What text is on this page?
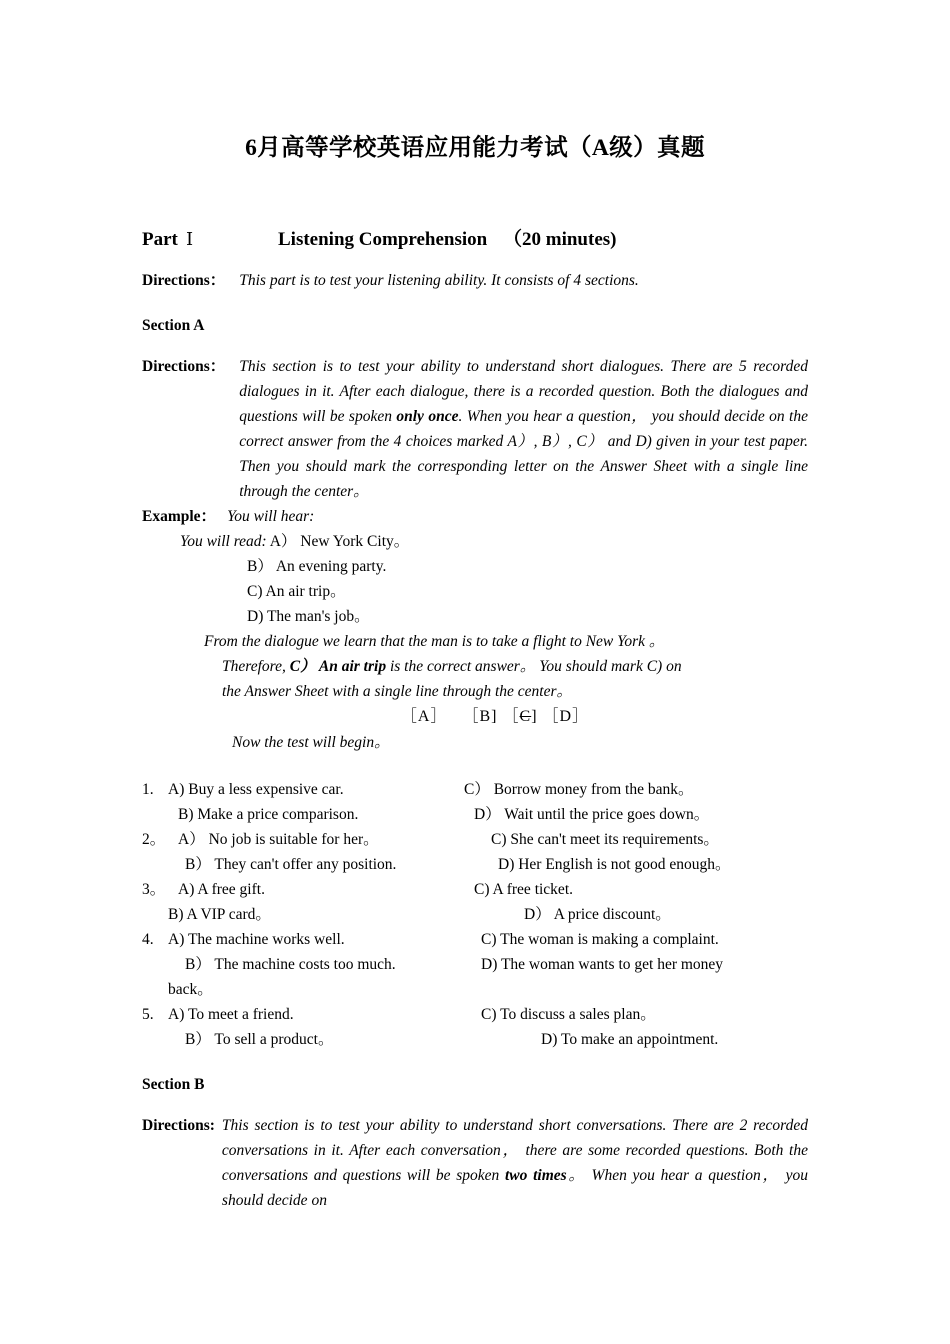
6月高等学校英语应用能力考试（A级）真题
Part Ⅰ	Listening Comprehension （20 minutes)
Directions： This part is to test your listening ability. It consists of 4 sections.
Section A
Directions： This section is to test your ability to understand short dialogues. There are 5 recorded dialogues in it. After each dialogue, there is a recorded question. Both the dialogues and questions will be spoken only once. When you hear a question， you should decide on the correct answer from the 4 choices marked A）, B）, C） and D) given in your test paper. Then you should mark the corresponding letter on the Answer Sheet with a single line through the center。
Example： You will hear:
You will read: A） New York City。
B） An evening party.
C) An air trip。
D) The man's job。
From the dialogue we learn that the man is to take a flight to New York 。
Therefore, C） An air trip is the correct answer。 You should mark C) on
the Answer Sheet with a single line through the center。
［A］ ［B] ［C] ［D］
Now the test will begin。
1. A) Buy a less expensive car.	C） Borrow money from the bank。
B) Make a price comparison.	D） Wait until the price goes down。
2。 A） No job is suitable for her。	C) She can't meet its requirements。
B） They can't offer any position.	D) Her English is not good enough。
3。 A) A free gift.	C) A free ticket.
B) A VIP card。	D） A price discount。
4. A) The machine works well.	C) The woman is making a complaint.
B） The machine costs too much.	D) The woman wants to get her money
back。
5. A) To meet a friend.	C) To discuss a sales plan。
B） To sell a product。	D) To make an appointment.
Section B
Directions: This section is to test your ability to understand short conversations. There are 2 recorded conversations in it. After each conversation， there are some recorded questions. Both the conversations and questions will be spoken two times。 When you hear a question， you should decide on
